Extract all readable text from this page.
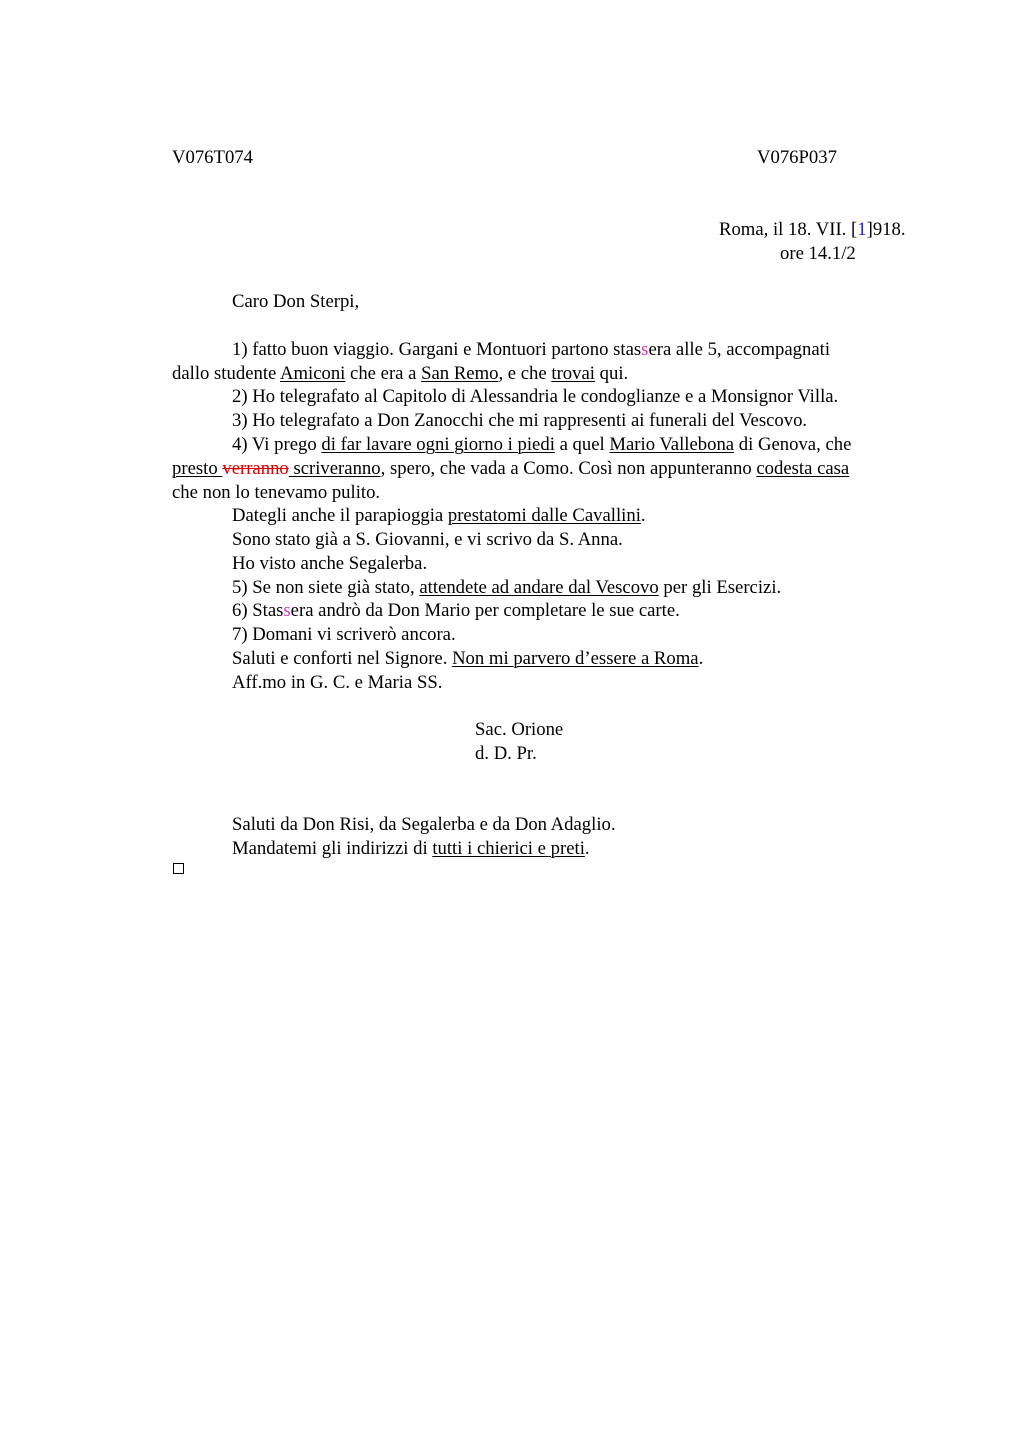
V076T074	V076P037
Roma, il 18. VII. [1]918.
ore 14.1/2
Caro Don Sterpi,
1) fatto buon viaggio. Gargani e Montuori partono stassera alle 5, accompagnati
dallo studente Amiconi che era a San Remo, e che trovai qui.
2) Ho telegrafato al Capitolo di Alessandria le condoglianze e a Monsignor Villa.
3) Ho telegrafato a Don Zanocchi che mi rappresenti ai funerali del Vescovo.
4) Vi prego di far lavare ogni giorno i piedi a quel Mario Vallebona di Genova, che
presto verranno scriveranno, spero, che vada a Como. Così non appunteranno codesta casa
che non lo tenevamo pulito.
Dategli anche il parapioggia prestatomi dalle Cavallini.
Sono stato già a S. Giovanni, e vi scrivo da S. Anna.
Ho visto anche Segalerba.
5) Se non siete già stato, attendete ad andare dal Vescovo per gli Esercizi.
6) Stassera andrò da Don Mario per completare le sue carte.
7) Domani vi scriverò ancora.
Saluti e conforti nel Signore. Non mi parvero d’essere a Roma.
Aff.mo in G. C. e Maria SS.
Sac. Orione
d. D. Pr.
Saluti da Don Risi, da Segalerba e da Don Adaglio.
Mandatemi gli indirizzi di tutti i chierici e preti.
